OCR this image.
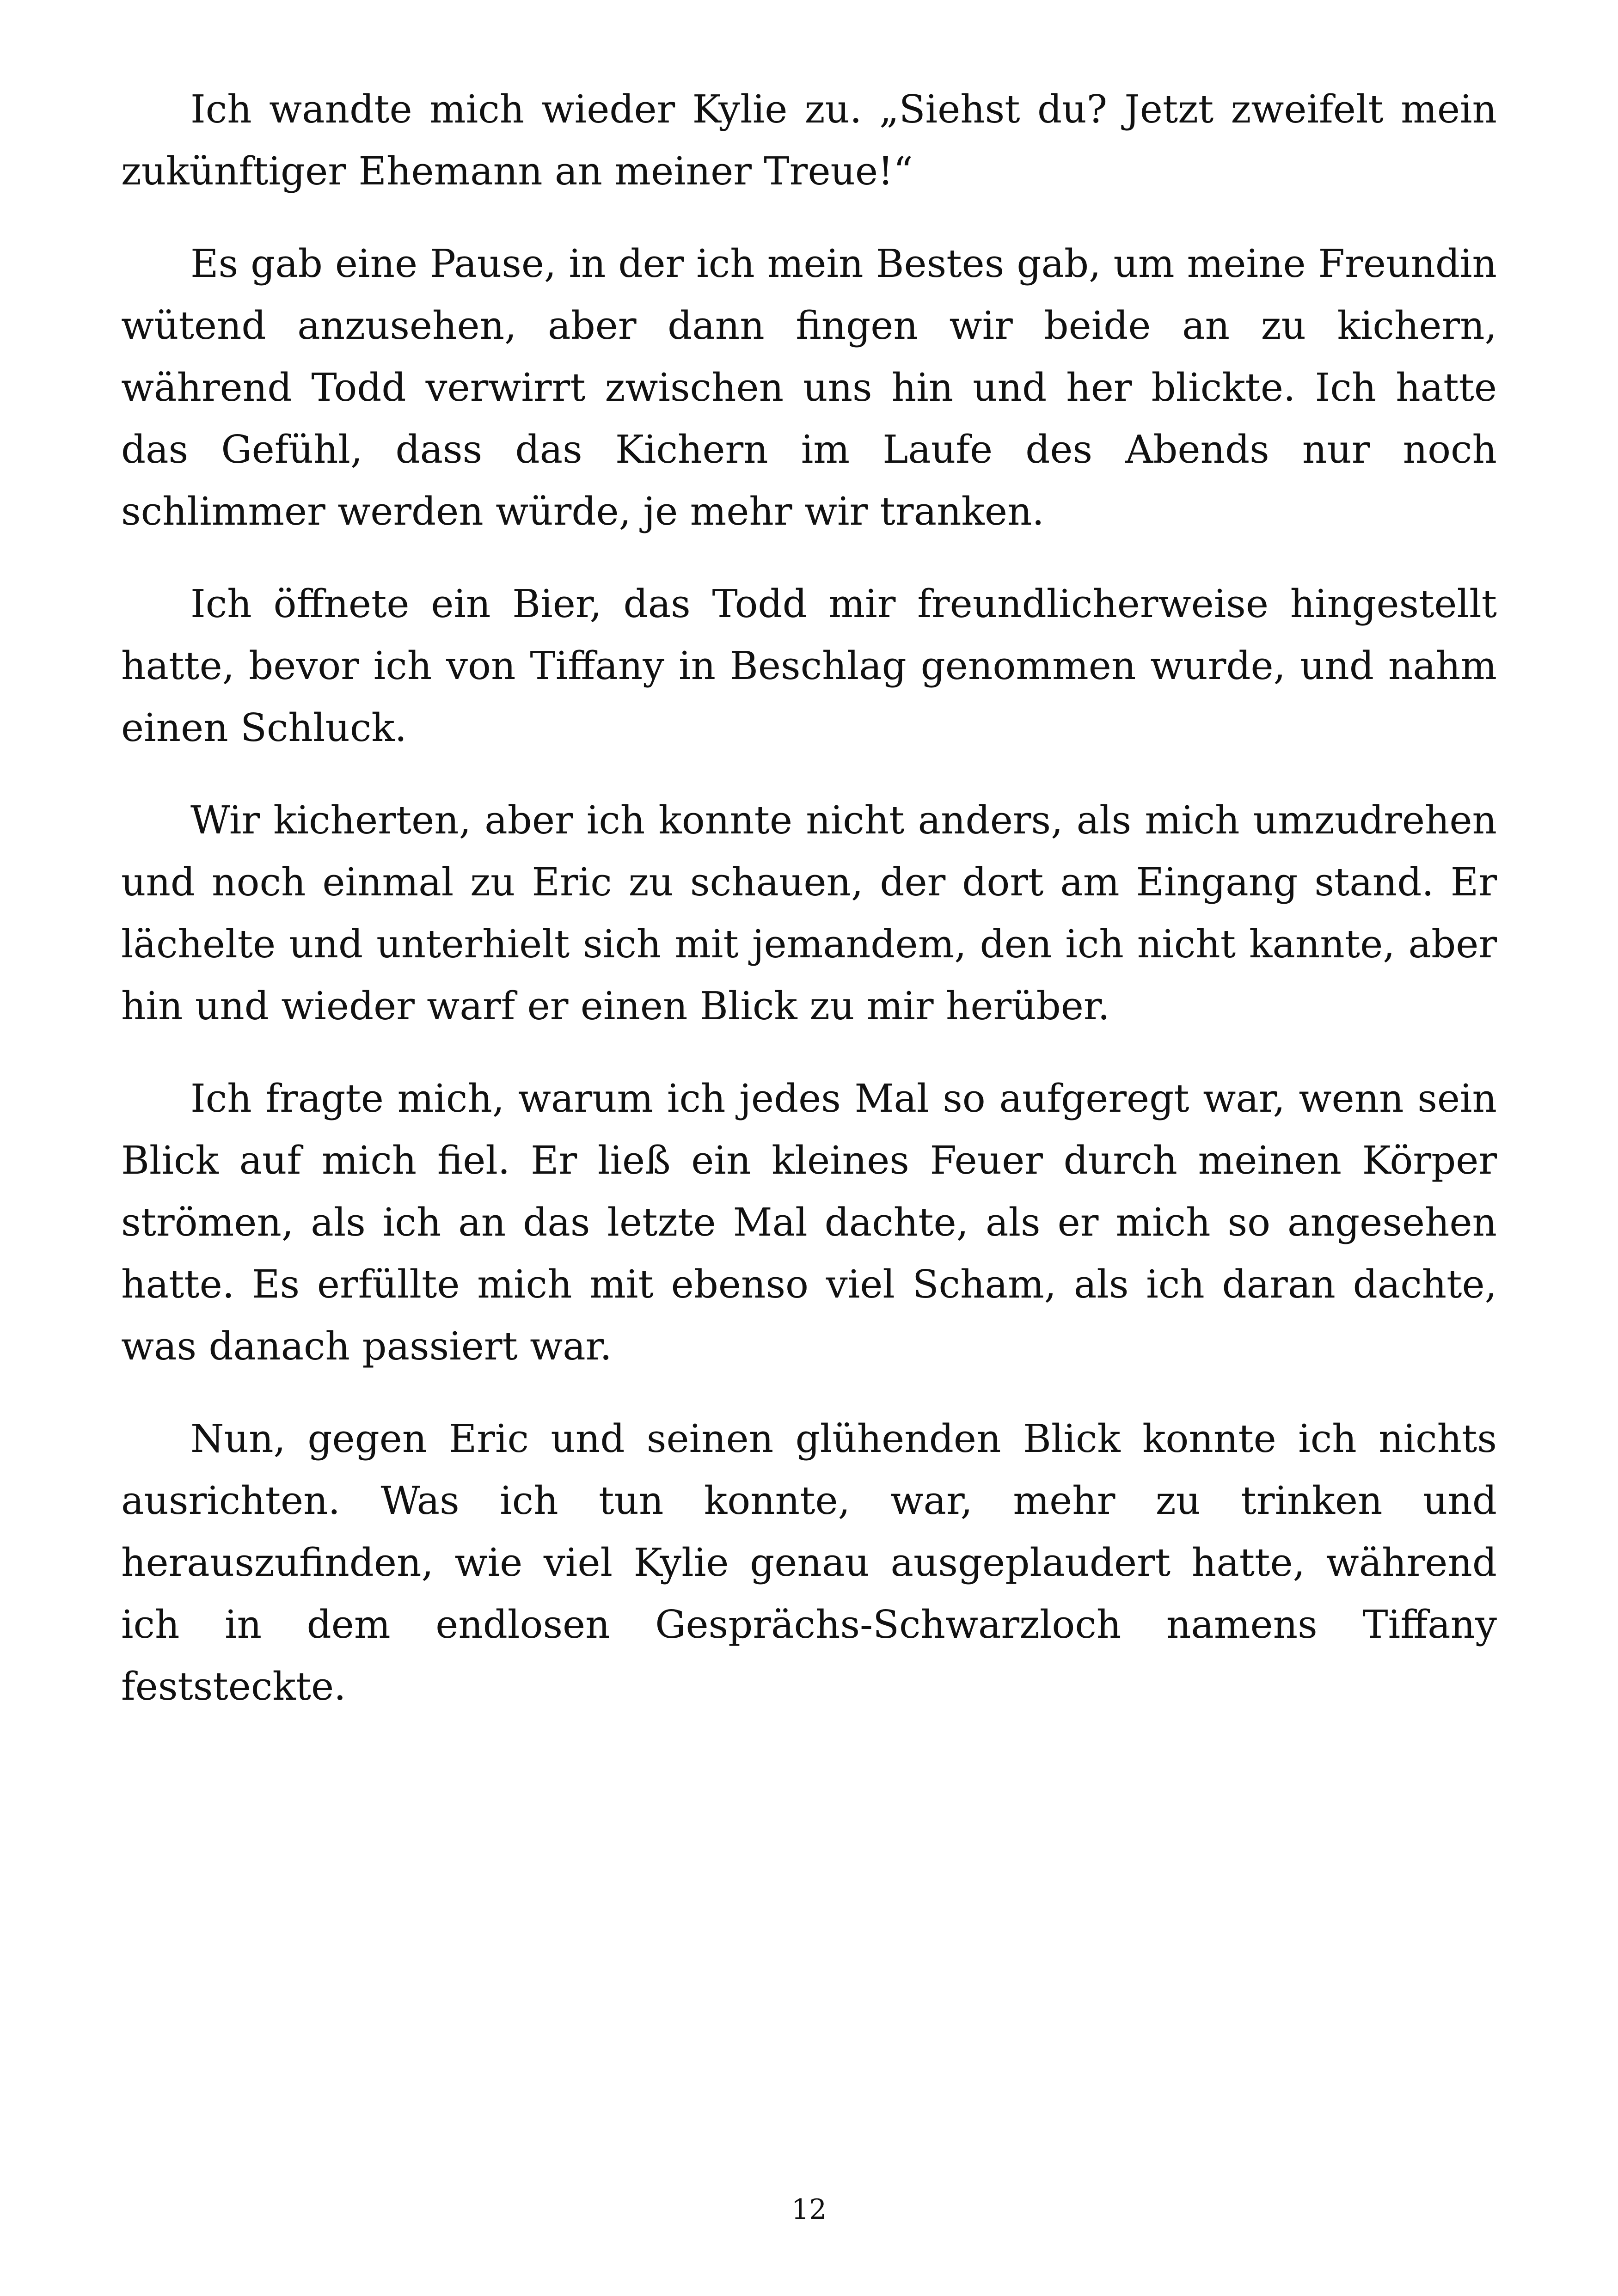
Ich wandte mich wieder Kylie zu. „Siehst du? Jetzt zweifelt mein zukünftiger Ehemann an meiner Treue!“

Es gab eine Pause, in der ich mein Bestes gab, um meine Freundin wütend anzusehen, aber dann fingen wir beide an zu kichern, während Todd verwirrt zwischen uns hin und her blickte. Ich hatte das Gefühl, dass das Kichern im Laufe des Abends nur noch schlimmer werden würde, je mehr wir tranken.

Ich öffnete ein Bier, das Todd mir freundlicherweise hingestellt hatte, bevor ich von Tiffany in Beschlag genommen wurde, und nahm einen Schluck.

Wir kicherten, aber ich konnte nicht anders, als mich umzudrehen und noch einmal zu Eric zu schauen, der dort am Eingang stand. Er lächelte und unterhielt sich mit jemandem, den ich nicht kannte, aber hin und wieder warf er einen Blick zu mir herüber.

Ich fragte mich, warum ich jedes Mal so aufgeregt war, wenn sein Blick auf mich fiel. Er ließ ein kleines Feuer durch meinen Körper strömen, als ich an das letzte Mal dachte, als er mich so angesehen hatte. Es erfüllte mich mit ebenso viel Scham, als ich daran dachte, was danach passiert war.

Nun, gegen Eric und seinen glühenden Blick konnte ich nichts ausrichten. Was ich tun konnte, war, mehr zu trinken und herauszufinden, wie viel Kylie genau ausgeplaudert hatte, während ich in dem endlosen Gesprächs-Schwarzloch namens Tiffany feststeckte.

12
